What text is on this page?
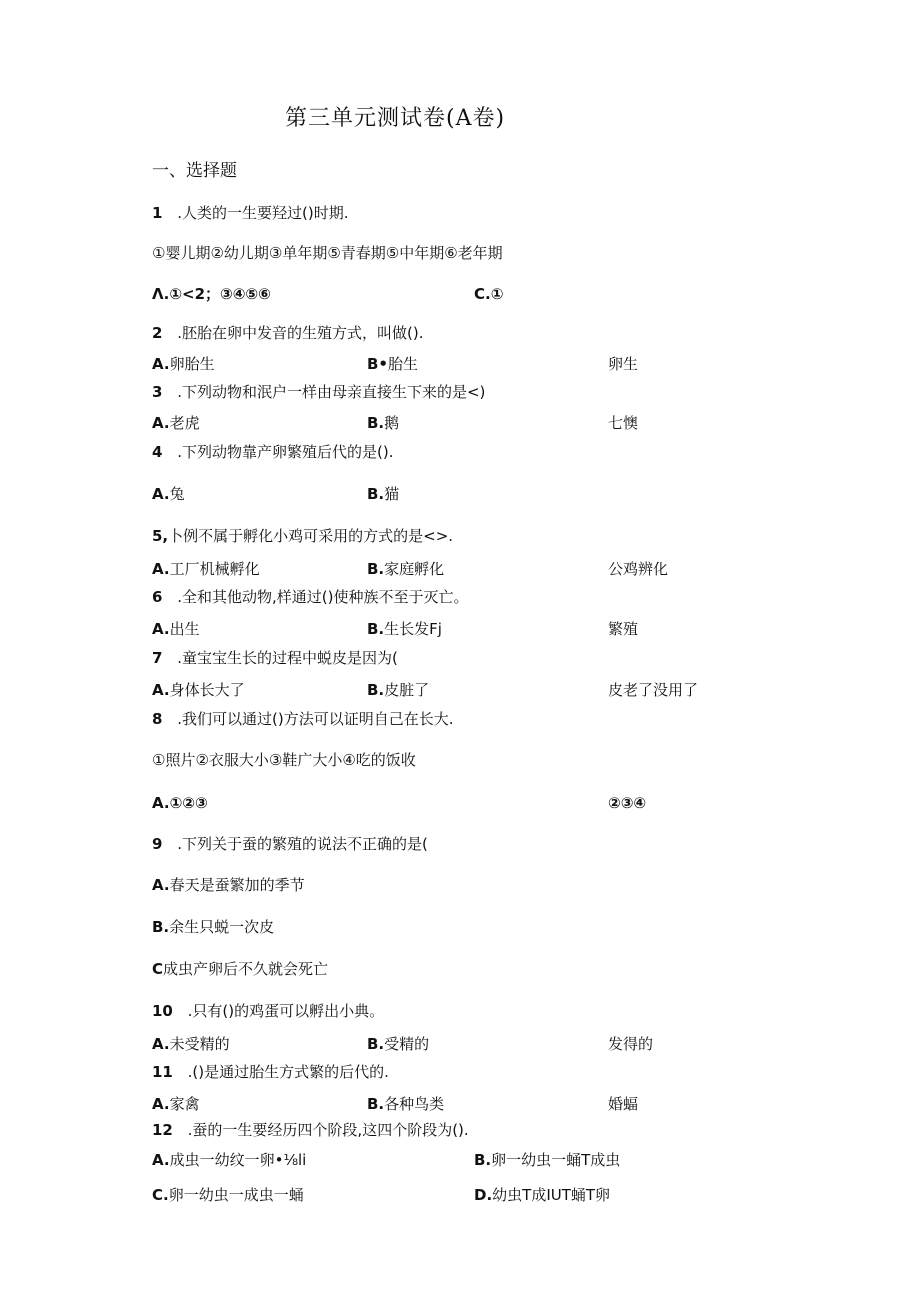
第三单元测试卷(A卷)
一、选择题
1 .人类的一生要羟过()时期.
①婴儿期②幼儿期③单年期⑤青春期⑤中年期⑥老年期
Λ.①<2；③④⑤⑥	C.①
2 .胚胎在卵中发音的生殖方式，叫做().
A.卵胎生	B•胎生	卵生
3 .下列动物和泯户一样由母亲直接生下来的是<)
A.老虎	B.鹅	七懊
4 .下列动物靠产卵繁殖后代的是().
A.兔	B.猫
5,卜例不属于孵化小鸡可采用的方式的是<>.
A.工厂机械孵化	B.家庭孵化	公鸡辨化
6 .全和其他动物,样通过()使种族不至于灭亡。
A.出生	B.生长发Fj	繁殖
7 .童宝宝生长的过程中蜕皮是因为(
A.身体长大了	B.皮脏了	皮老了没用了
8 .我们可以通过()方法可以证明自己在长大.
①照片②衣服大小③鞋广大小④吃的饭收
A.①②③	②③④
9 .下列关于蚕的繁殖的说法不正确的是(
A.春天是蚕繁加的季节
B.余生只蜕一次皮
C成虫产卵后不久就会死亡
10 .只有()的鸡蛋可以孵出小典。
A.未受精的	B.受精的	发得的
11 .()是通过胎生方式繁的后代的.
A.家禽	B.各种鸟类	婚蝠
12 .蚕的一生要经历四个阶段,这四个阶段为().
A.成虫一幼纹一卵•⅛li	B.卵一幼虫一蛹T成虫
C.卵一幼虫一成虫一蛹	D.幼虫T成IUT蛹T卵
